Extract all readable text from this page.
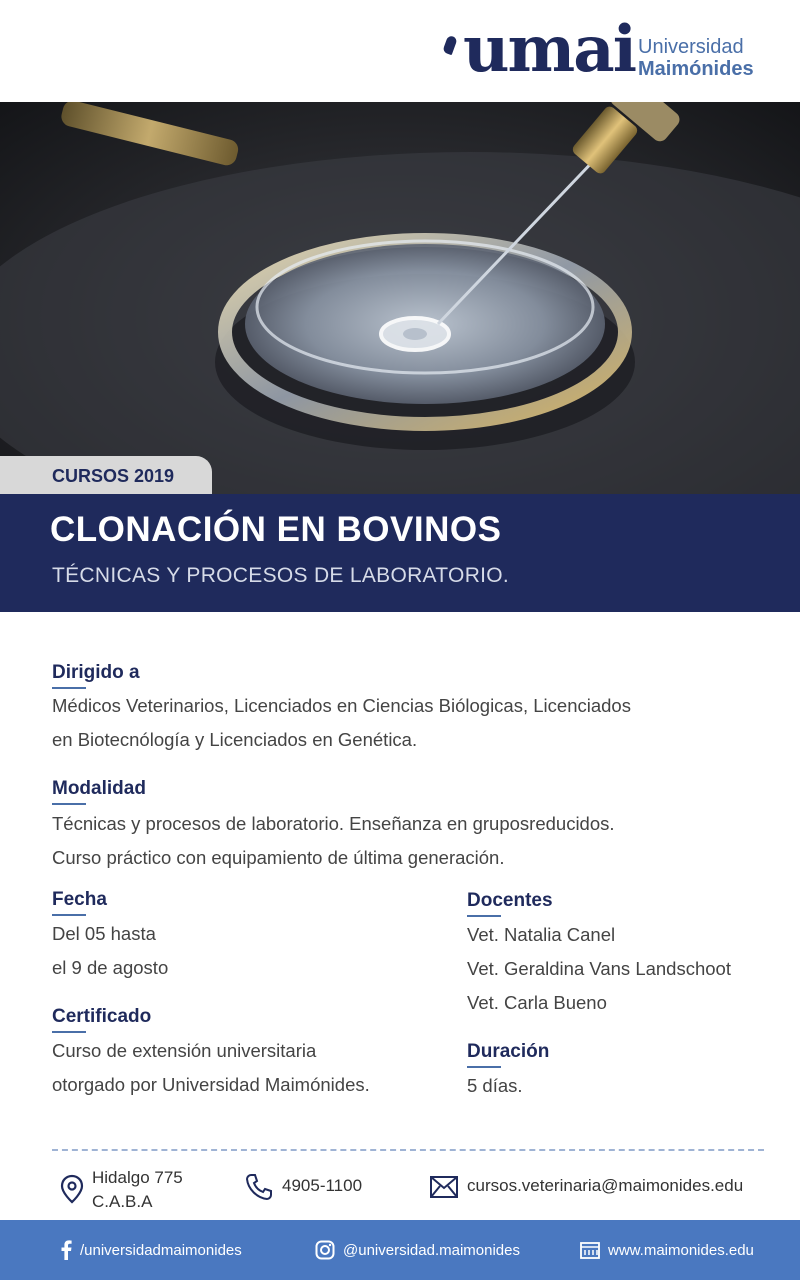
umai Universidad
Maimónides
CURSOS 2019
CLONACIÓN EN BOVINOS
TÉCNICAS Y PROCESOS DE LABORATORIO.
Dirigido a
Médicos Veterinarios, Licenciados en Ciencias Biólogicas, Licenciados
en Biotecnólogía y Licenciados en Genética.
Modalidad
Técnicas y procesos de laboratorio. Enseñanza en gruposreducidos.
Curso práctico con equipamiento de última generación.
Fecha
Del 05 hasta
el 9 de agosto
Certificado
Curso de extensión universitaria
otorgado por Universidad Maimónides.
Docentes
Vet. Natalia Canel
Vet. Geraldina Vans Landschoot
Vet. Carla Bueno
Duración
5 días.
Hidalgo 775
C.A.B.A
4905-1100	cursos.veterinaria@maimonides.edu
/universidadmaimonides	@universidad.maimonides	www.maimonides.edu
